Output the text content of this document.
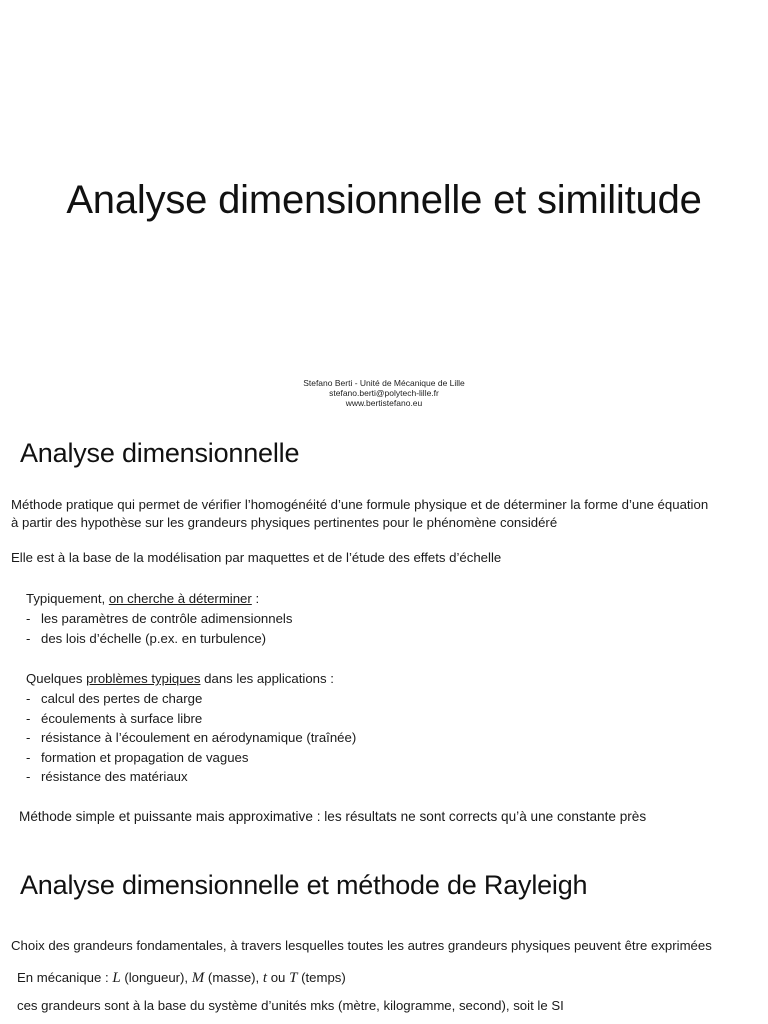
Analyse dimensionnelle et similitude
Stefano Berti - Unité de Mécanique de Lille
stefano.berti@polytech-lille.fr
www.bertistefano.eu
Analyse dimensionnelle
Méthode pratique qui permet de vérifier l’homogénéité d’une formule physique et de déterminer la forme d’une équation
à partir des hypothèse sur les grandeurs physiques pertinentes pour le phénomène considéré
Elle est à la base de la modélisation par maquettes et de l’étude des effets d’échelle
Typiquement, on cherche à déterminer :
- les paramètres de contrôle adimensionnels
- des lois d’échelle (p.ex. en turbulence)
Quelques problèmes typiques dans les applications :
- calcul des pertes de charge
- écoulements à surface libre
- résistance à l’écoulement en aérodynamique (traînée)
- formation et propagation de vagues
- résistance des matériaux
Méthode simple et puissante mais approximative : les résultats ne sont corrects qu’à une constante près
Analyse dimensionnelle et méthode de Rayleigh
Choix des grandeurs fondamentales, à travers lesquelles toutes les autres grandeurs physiques peuvent être exprimées
En mécanique : L (longueur), M (masse), t ou T (temps)
ces grandeurs sont à la base du système d’unités mks (mètre, kilogramme, second), soit le SI
